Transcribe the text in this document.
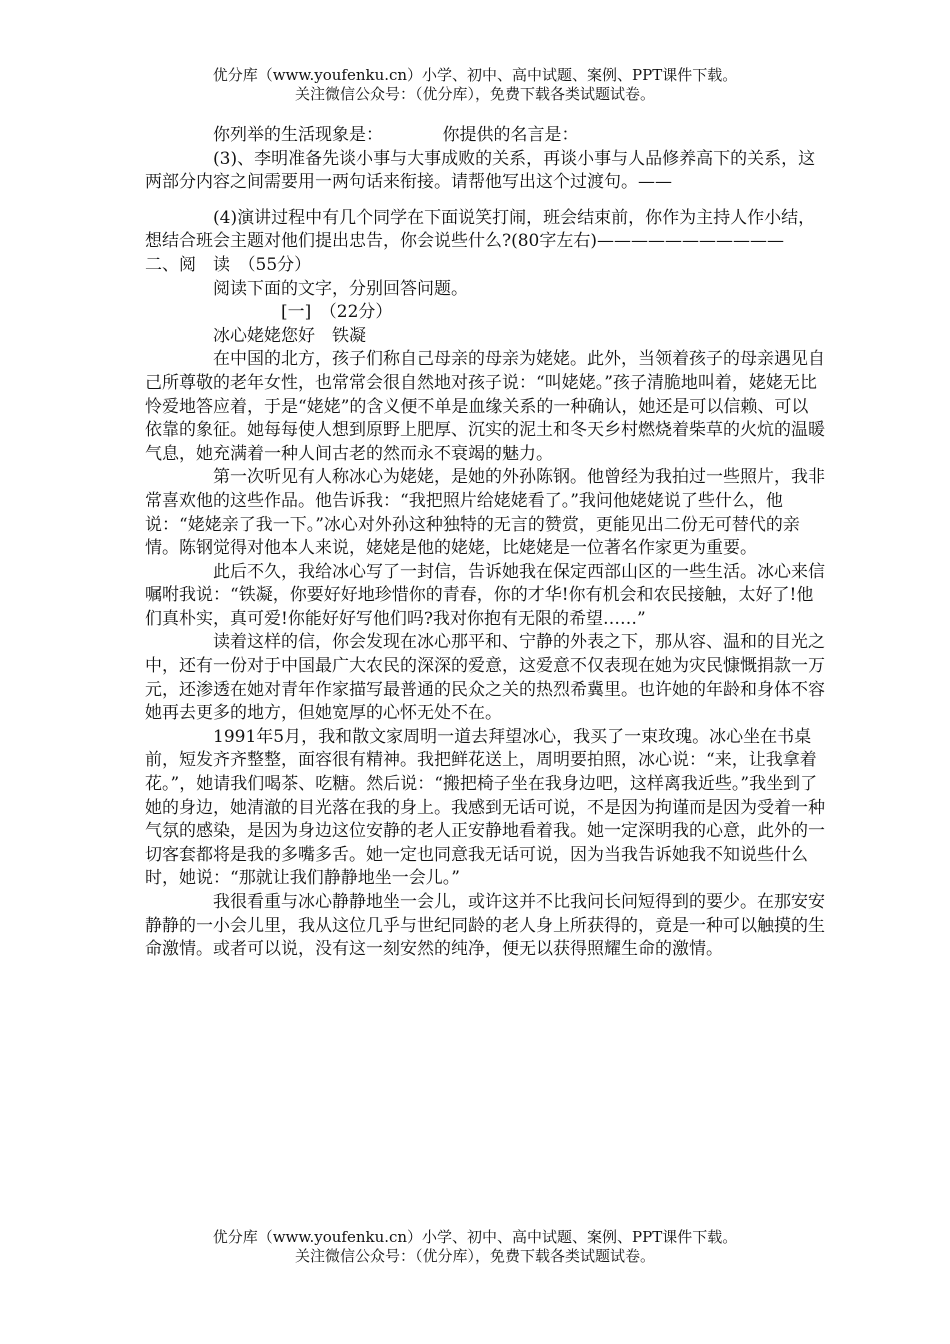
优分库（www.youfenku.cn）小学、初中、高中试题、案例、PPT课件下载。
关注微信公众号：（优分库），免费下载各类试题试卷。

你列举的生活现象是：　　　　你提供的名言是：

(3)、李明准备先谈小事与大事成败的关系，再谈小事与人品修养高下的关系，这两部分内容之间需要用一两句话来衔接。请帮他写出这个过渡句。——

(4)演讲过程中有几个同学在下面说笑打闹，班会结束前，你作为主持人作小结，想结合班会主题对他们提出忠告，你会说些什么?(80字左右)———————————

二、阅　读　（55分）

阅读下面的文字，分别回答问题。

[一]　（22分）

冰心姥姥您好　铁凝

在中国的北方，孩子们称自己母亲的母亲为姥姥。此外，当领着孩子的母亲遇见自己所尊敬的老年女性，也常常会很自然地对孩子说：“叫姥姥。”孩子清脆地叫着，姥姥无比怜爱地答应着，于是“姥姥”的含义便不单是血缘关系的一种确认，她还是可以信赖、可以依靠的象征。她每每使人想到原野上肥厚、沉实的泥土和冬天乡村燃烧着柴草的火炕的温暖气息，她充满着一种人间古老的然而永不衰竭的魅力。

第一次听见有人称冰心为姥姥，是她的外孙陈钢。他曾经为我拍过一些照片，我非常喜欢他的这些作品。他告诉我：“我把照片给姥姥看了。”我问他姥姥说了些什么，他说：“姥姥亲了我一下。”冰心对外孙这种独特的无言的赞赏，更能见出二份无可替代的亲情。陈钢觉得对他本人来说，姥姥是他的姥姥，比姥姥是一位著名作家更为重要。

此后不久，我给冰心写了一封信，告诉她我在保定西部山区的一些生活。冰心来信嘱咐我说：“铁凝，你要好好地珍惜你的青春，你的才华!你有机会和农民接触，太好了!他们真朴实，真可爱!你能好好写他们吗?我对你抱有无限的希望……”

读着这样的信，你会发现在冰心那平和、宁静的外表之下，那从容、温和的目光之中，还有一份对于中国最广大农民的深深的爱意，这爱意不仅表现在她为灾民慷慨捐款一万元，还渗透在她对青年作家描写最普通的民众之关的热烈希冀里。也许她的年龄和身体不容她再去更多的地方，但她宽厚的心怀无处不在。

1991年5月，我和散文家周明一道去拜望冰心，我买了一束玫瑰。冰心坐在书桌前，短发齐齐整整，面容很有精神。我把鲜花送上，周明要拍照，冰心说：“来，让我拿着花。”，她请我们喝茶、吃糖。然后说：“搬把椅子坐在我身边吧，这样离我近些。”我坐到了她的身边，她清澈的目光落在我的身上。我感到无话可说，不是因为拘谨而是因为受着一种气氛的感染，是因为身边这位安静的老人正安静地看着我。她一定深明我的心意，此外的一切客套都将是我的多嘴多舌。她一定也同意我无话可说，因为当我告诉她我不知说些什么时，她说：“那就让我们静静地坐一会儿。”

我很看重与冰心静静地坐一会儿，或许这并不比我问长问短得到的要少。在那安安静静的一小会儿里，我从这位几乎与世纪同龄的老人身上所获得的，竟是一种可以触摸的生命激情。或者可以说，没有这一刻安然的纯净，便无以获得照耀生命的激情。

优分库（www.youfenku.cn）小学、初中、高中试题、案例、PPT课件下载。
关注微信公众号：（优分库），免费下载各类试题试卷。
